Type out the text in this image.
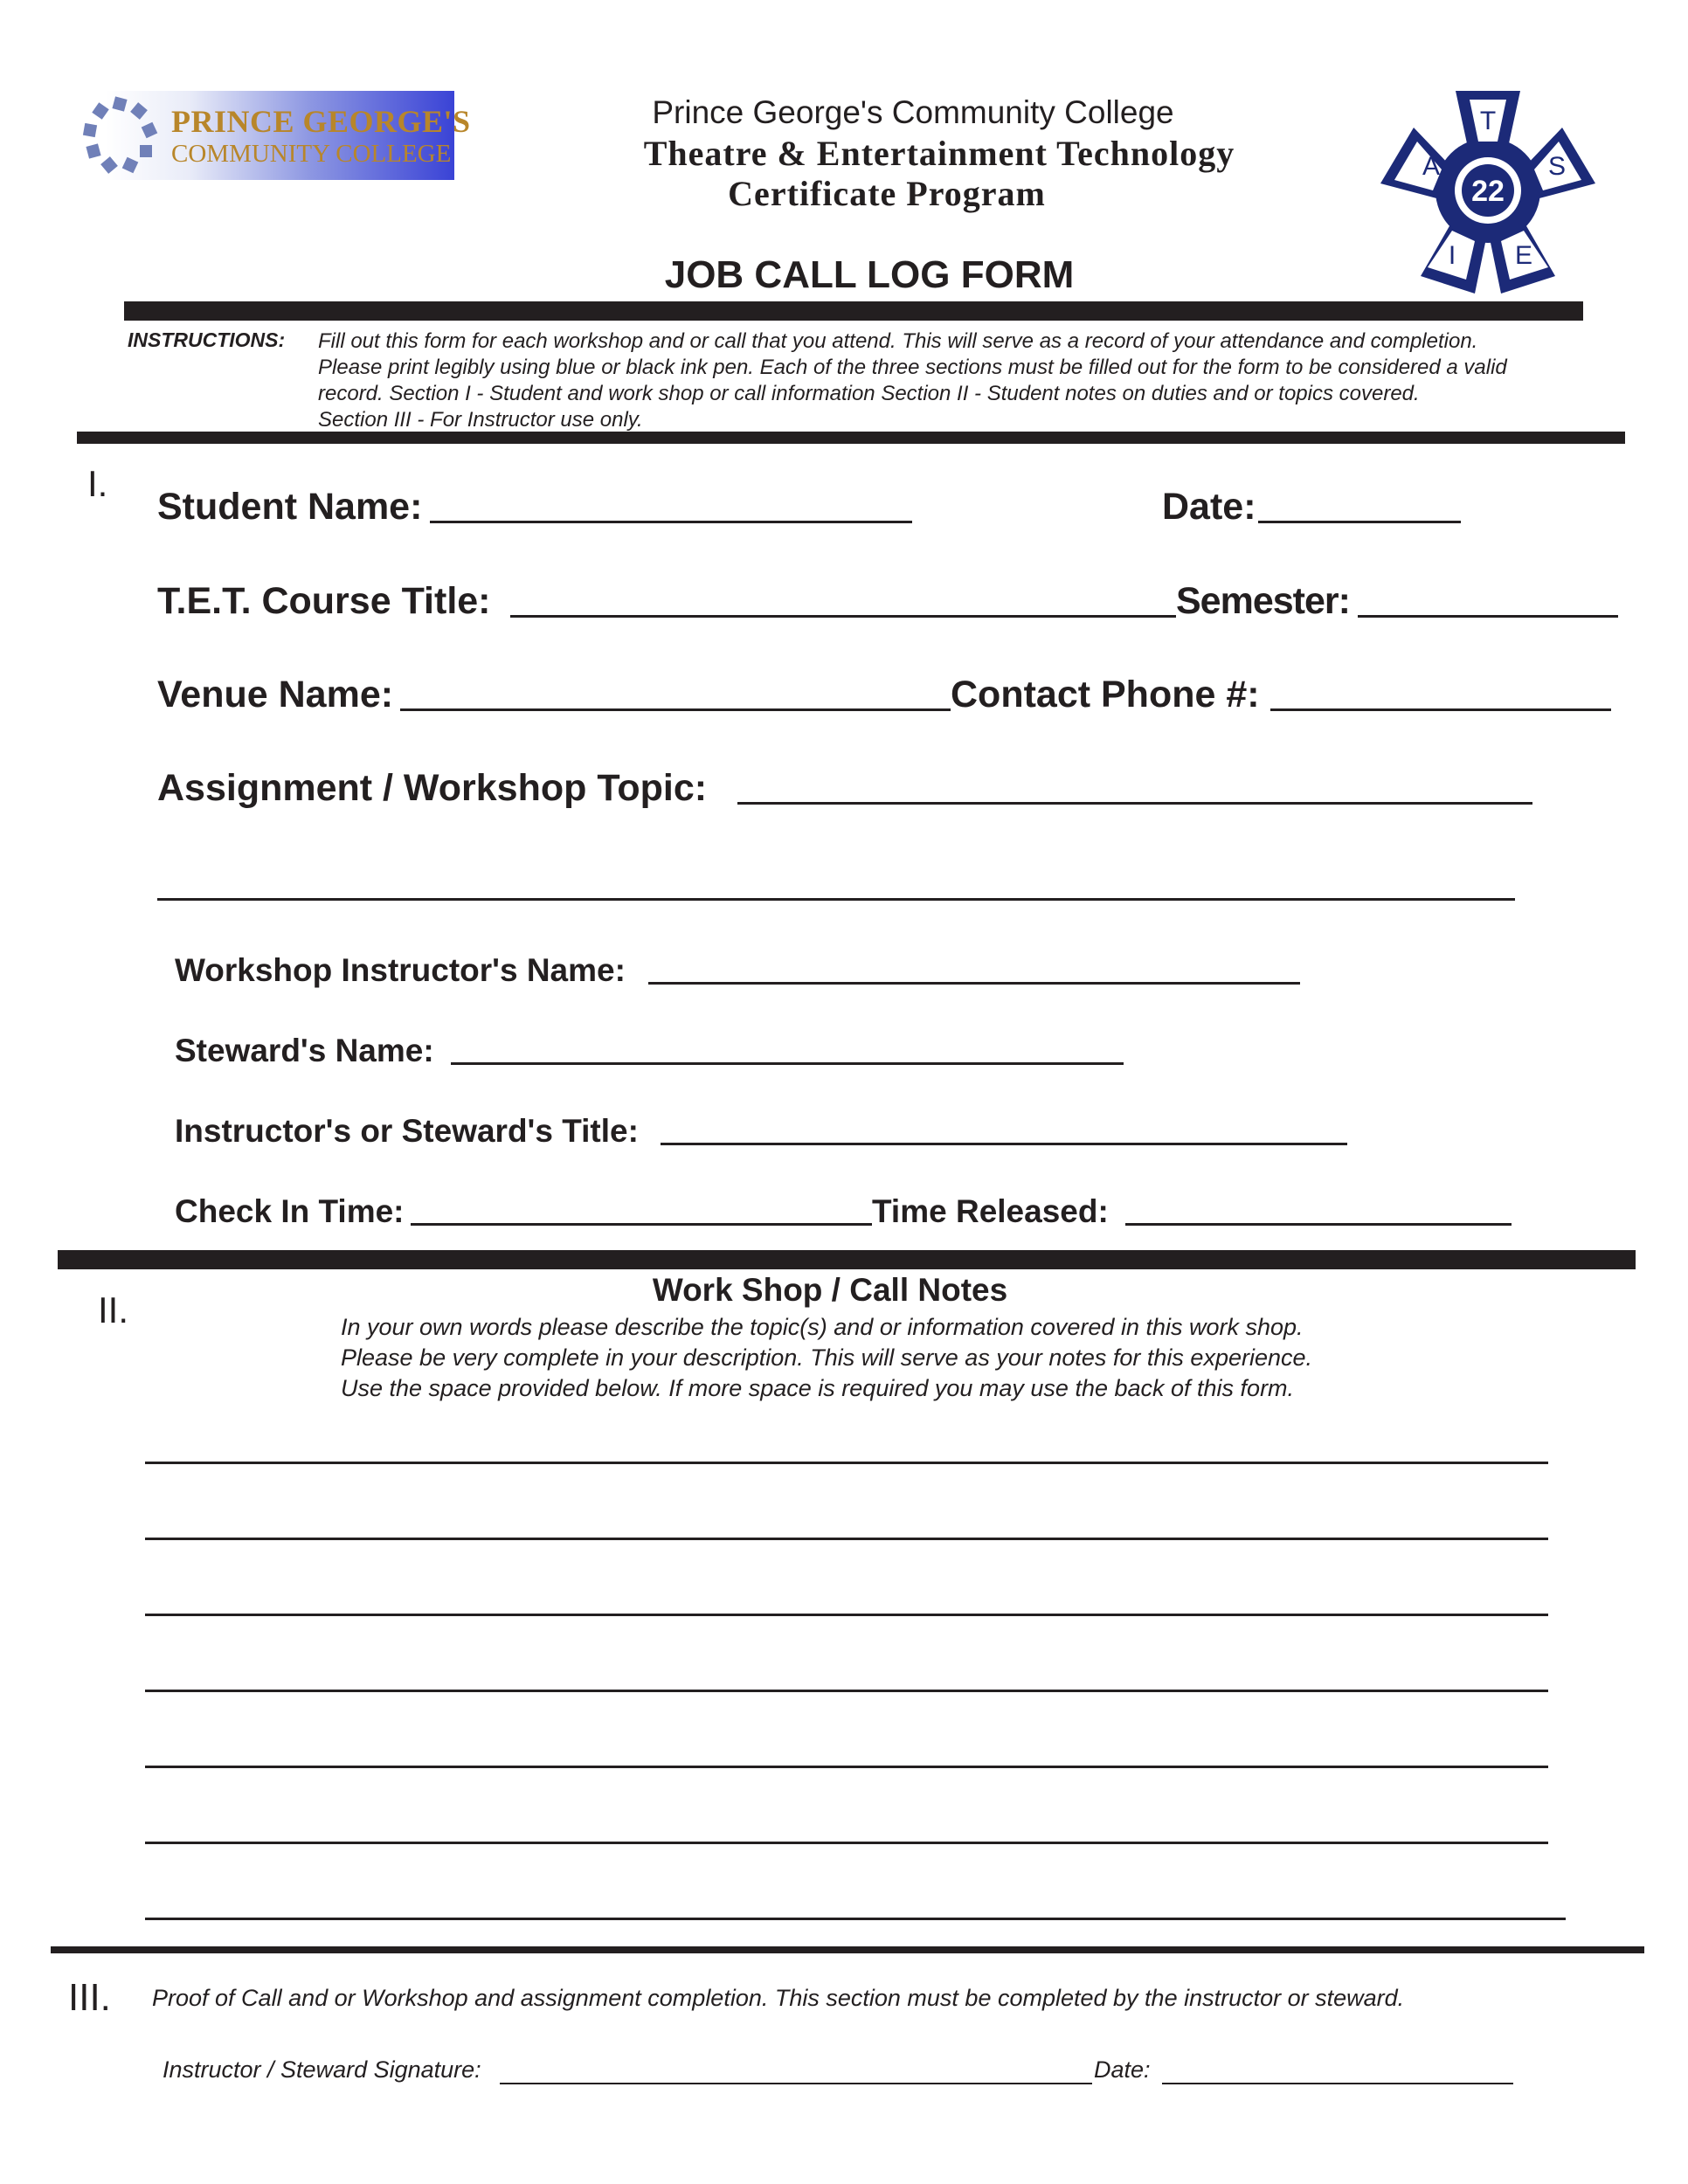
PRINCE GEORGE'S
COMMUNITY COLLEGE
Prince George's Community College
Theatre & Entertainment Technology
Certificate Program
JOB CALL LOG FORM
A
T
S
E
I
22
INSTRUCTIONS: Fill out this form for each workshop and or call that you attend. This will serve as a record of your attendance and completion.
Please print legibly using blue or black ink pen. Each of the three sections must be filled out for the form to be considered a valid
record. Section I - Student and work shop or call information Section II - Student notes on duties and or topics covered.
Section III - For Instructor use only.
I.
Student Name:	Date:
T.E.T. Course Title:	Semester:
Venue Name:	Contact Phone #:
Assignment / Workshop Topic:
Workshop Instructor's Name:
Steward's Name:
Instructor's or Steward's Title:
Check In Time:	Time Released:
II.	Work Shop / Call Notes
In your own words please describe the topic(s) and or information covered in this work shop.
Please be very complete in your description. This will serve as your notes for this experience.
Use the space provided below. If more space is required you may use the back of this form.
III. Proof of Call and or Workshop and assignment completion. This section must be completed by the instructor or steward.
Instructor / Steward Signature:	Date:
